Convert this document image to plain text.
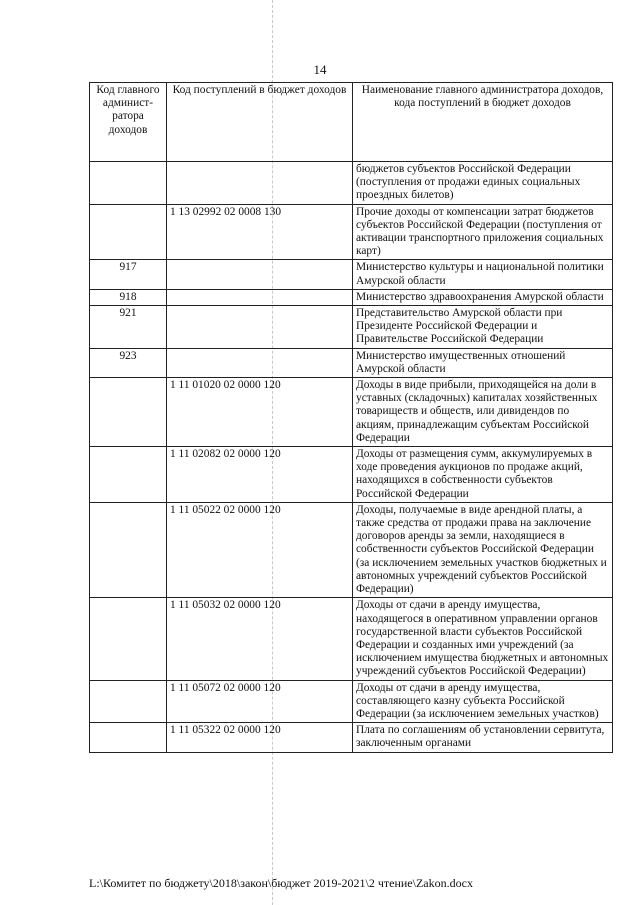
14
Код главного админист-ратора доходов	Код поступлений в бюджет доходов	Наименование главного администратора доходов, кода поступлений в бюджет доходов
		бюджетов субъектов Российской Федерации (поступления от продажи единых социальных проездных билетов)
	1 13 02992 02 0008 130	Прочие доходы от компенсации затрат бюджетов субъектов Российской Федерации (поступления от активации транспортного приложения социальных карт)
917		Министерство культуры и национальной политики Амурской области
918		Министерство здравоохранения Амурской области
921		Представительство Амурской области при Президенте Российской Федерации и Правительстве Российской Федерации
923		Министерство имущественных отношений Амурской области
	1 11 01020 02 0000 120	Доходы в виде прибыли, приходящейся на доли в уставных (складочных) капиталах хозяйственных товариществ и обществ, или дивидендов по акциям, принадлежащим субъектам Российской Федерации
	1 11 02082 02 0000 120	Доходы от размещения сумм, аккумулируемых в ходе проведения аукционов по продаже акций, находящихся в собственности субъектов Российской Федерации
	1 11 05022 02 0000 120	Доходы, получаемые в виде арендной платы, а также средства от продажи права на заключение договоров аренды за земли, находящиеся в собственности субъектов Российской Федерации (за исключением земельных участков бюджетных и автономных учреждений субъектов Российской Федерации)
	1 11 05032 02 0000 120	Доходы от сдачи в аренду имущества, находящегося в оперативном управлении органов государственной власти субъектов Российской Федерации и созданных ими учреждений (за исключением имущества бюджетных и автономных учреждений субъектов Российской Федерации)
	1 11 05072 02 0000 120	Доходы от сдачи в аренду имущества, составляющего казну субъекта Российской Федерации (за исключением земельных участков)
	1 11 05322 02 0000 120	Плата по соглашениям об установлении сервитута, заключенным органами
L:\Комитет по бюджету\2018\закон\бюджет 2019-2021\2 чтение\Zakon.docx
